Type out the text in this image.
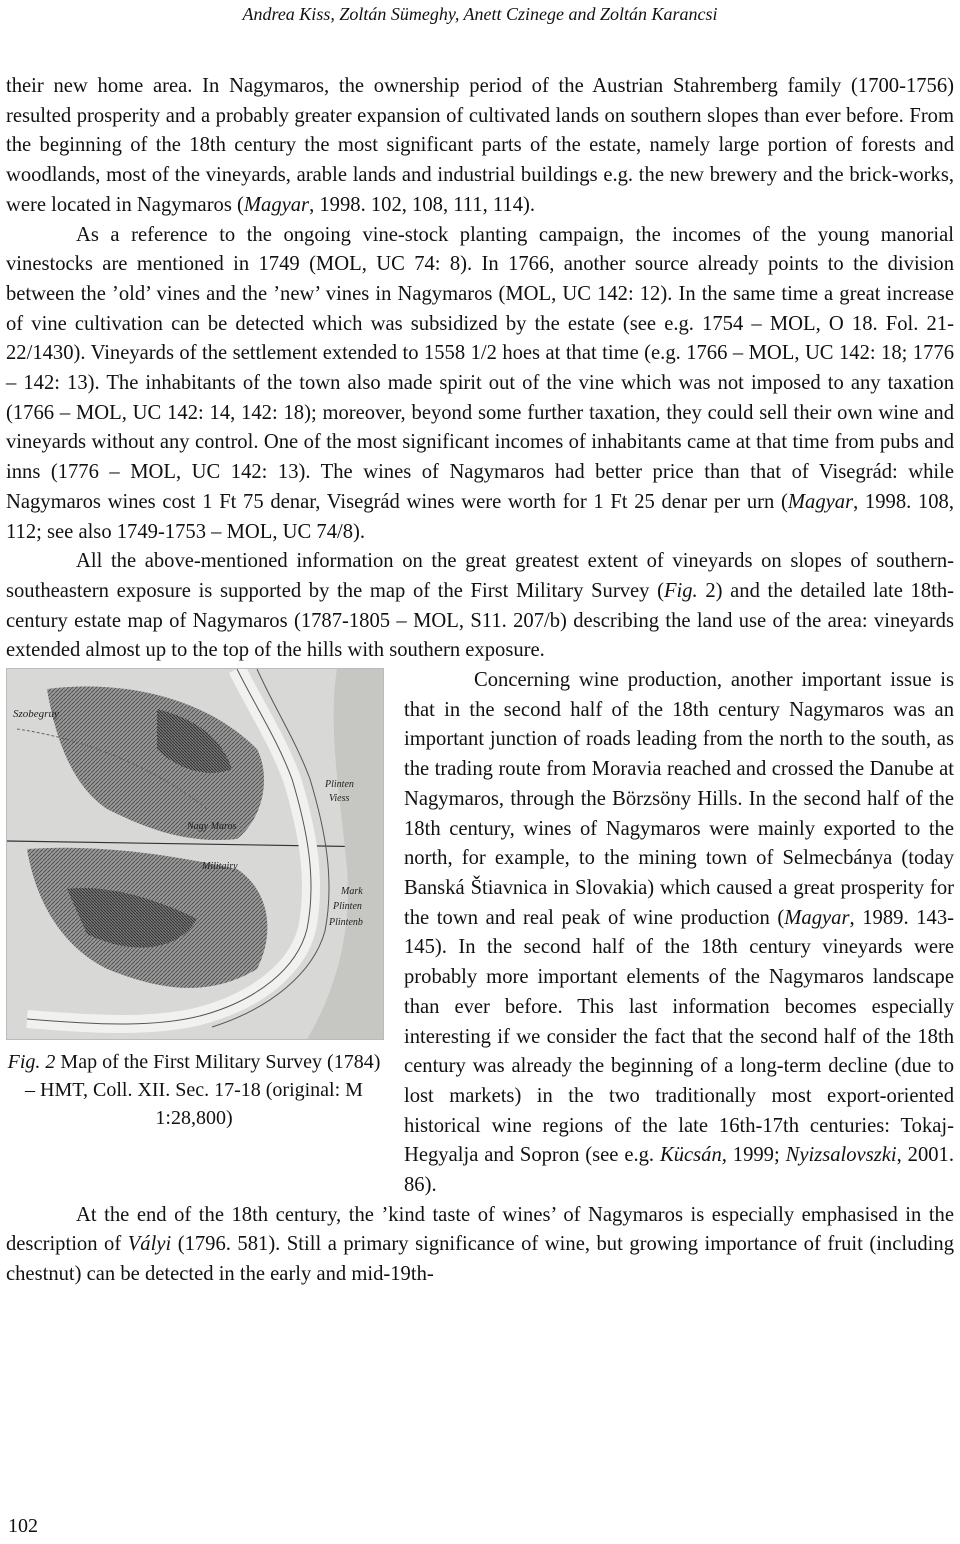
Andrea Kiss, Zoltán Sümeghy, Anett Czinege and Zoltán Karancsi

their new home area. In Nagymaros, the ownership period of the Austrian Stahremberg family (1700-1756) resulted prosperity and a probably greater expansion of cultivated lands on southern slopes than ever before. From the beginning of the 18th century the most significant parts of the estate, namely large portion of forests and woodlands, most of the vineyards, arable lands and industrial buildings e.g. the new brewery and the brick-works, were located in Nagymaros (Magyar, 1998. 102, 108, 111, 114).

As a reference to the ongoing vine-stock planting campaign, the incomes of the young manorial vinestocks are mentioned in 1749 (MOL, UC 74: 8). In 1766, another source already points to the division between the ’old’ vines and the ’new’ vines in Nagymaros (MOL, UC 142: 12). In the same time a great increase of vine cultivation can be detected which was subsidized by the estate (see e.g. 1754 – MOL, O 18. Fol. 21-22/1430). Vineyards of the settlement extended to 1558 1/2 hoes at that time (e.g. 1766 – MOL, UC 142: 18; 1776 – 142: 13). The inhabitants of the town also made spirit out of the vine which was not imposed to any taxation (1766 – MOL, UC 142: 14, 142: 18); moreover, beyond some further taxation, they could sell their own wine and vineyards without any control. One of the most significant incomes of inhabitants came at that time from pubs and inns (1776 – MOL, UC 142: 13). The wines of Nagymaros had better price than that of Visegrád: while Nagymaros wines cost 1 Ft 75 denar, Visegrád wines were worth for 1 Ft 25 denar per urn (Magyar, 1998. 108, 112; see also 1749-1753 – MOL, UC 74/8).

All the above-mentioned information on the great greatest extent of vineyards on slopes of southern-southeastern exposure is supported by the map of the First Military Survey (Fig. 2) and the detailed late 18th-century estate map of Nagymaros (1787-1805 – MOL, S11. 207/b) describing the land use of the area: vineyards extended almost up to the top of the hills with southern exposure.

Szobegruy
Nagy Maros
Plinten
Viess
Militairy
Mark
Plinten
Plintenb
Fig. 2 Map of the First Military Survey (1784) – HMT, Coll. XII. Sec. 17-18 (original: M 1:28,800)

Concerning wine production, another important issue is that in the second half of the 18th century Nagymaros was an important junction of roads leading from the north to the south, as the trading route from Moravia reached and crossed the Danube at Nagymaros, through the Börzsöny Hills. In the second half of the 18th century, wines of Nagymaros were mainly exported to the north, for example, to the mining town of Selmecbánya (today Banská Štiavnica in Slovakia) which caused a great prosperity for the town and real peak of wine production (Magyar, 1989. 143-145). In the second half of the 18th century vineyards were probably more important elements of the Nagymaros landscape than ever before. This last information becomes especially interesting if we consider the fact that the second half of the 18th century was already the beginning of a long-term decline (due to lost markets) in the two traditionally most export-oriented historical wine regions of the late 16th-17th centuries: Tokaj-Hegyalja and Sopron (see e.g. Kücsán, 1999; Nyizsalovszki, 2001. 86).

At the end of the 18th century, the ’kind taste of wines’ of Nagymaros is especially emphasised in the description of Vályi (1796. 581). Still a primary significance of wine, but growing importance of fruit (including chestnut) can be detected in the early and mid-19th-

102
